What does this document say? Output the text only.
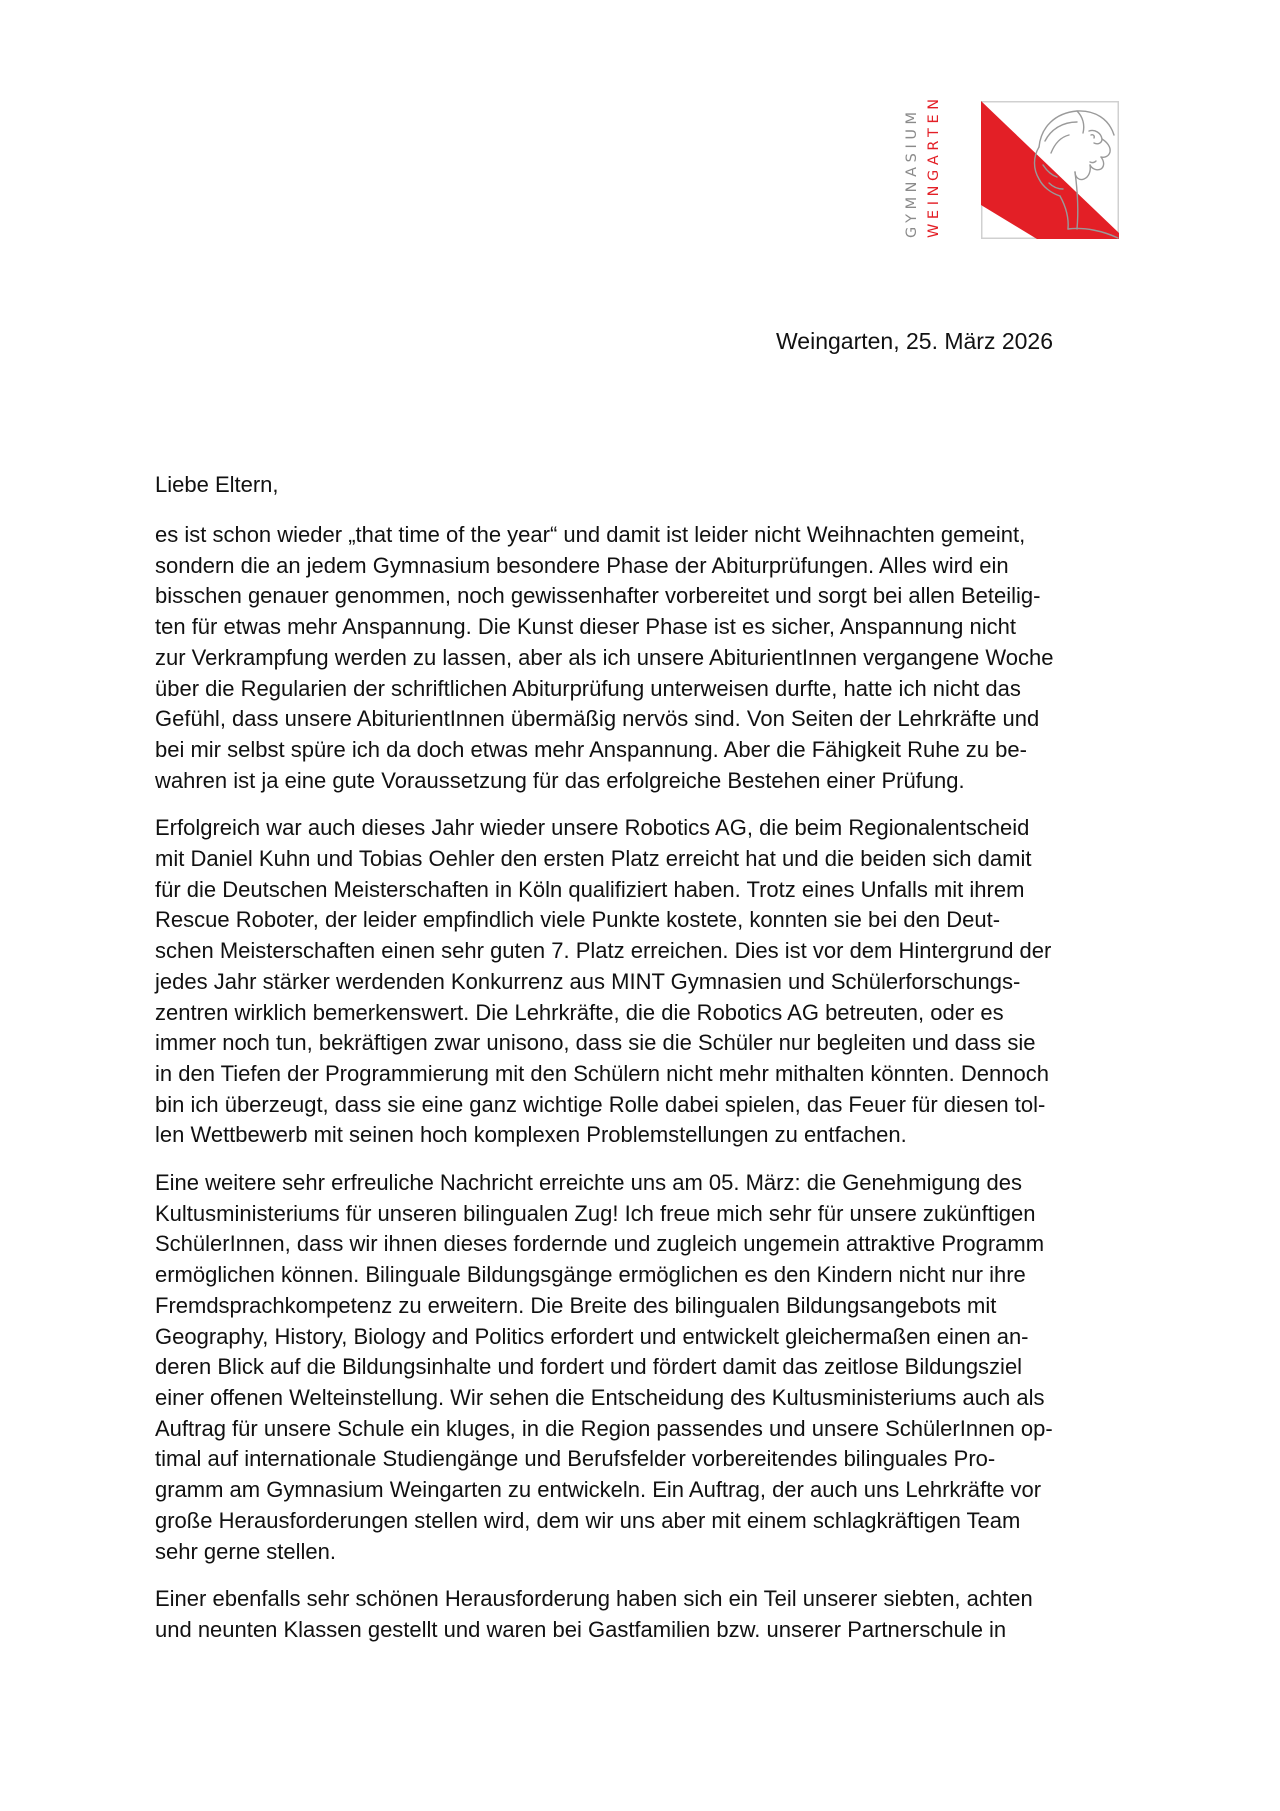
GYMNASIUM WEINGARTEN

Weingarten, 25. März 2026

Liebe Eltern,

es ist schon wieder „that time of the year“ und damit ist leider nicht Weihnachten gemeint,
sondern die an jedem Gymnasium besondere Phase der Abiturprüfungen. Alles wird ein
bisschen genauer genommen, noch gewissenhafter vorbereitet und sorgt bei allen Beteilig-
ten für etwas mehr Anspannung. Die Kunst dieser Phase ist es sicher, Anspannung nicht
zur Verkrampfung werden zu lassen, aber als ich unsere AbiturientInnen vergangene Woche
über die Regularien der schriftlichen Abiturprüfung unterweisen durfte, hatte ich nicht das
Gefühl, dass unsere AbiturientInnen übermäßig nervös sind. Von Seiten der Lehrkräfte und
bei mir selbst spüre ich da doch etwas mehr Anspannung. Aber die Fähigkeit Ruhe zu be-
wahren ist ja eine gute Voraussetzung für das erfolgreiche Bestehen einer Prüfung.

Erfolgreich war auch dieses Jahr wieder unsere Robotics AG, die beim Regionalentscheid
mit Daniel Kuhn und Tobias Oehler den ersten Platz erreicht hat und die beiden sich damit
für die Deutschen Meisterschaften in Köln qualifiziert haben. Trotz eines Unfalls mit ihrem
Rescue Roboter, der leider empfindlich viele Punkte kostete, konnten sie bei den Deut-
schen Meisterschaften einen sehr guten 7. Platz erreichen. Dies ist vor dem Hintergrund der
jedes Jahr stärker werdenden Konkurrenz aus MINT Gymnasien und Schülerforschungs-
zentren wirklich bemerkenswert. Die Lehrkräfte, die die Robotics AG betreuten, oder es
immer noch tun, bekräftigen zwar unisono, dass sie die Schüler nur begleiten und dass sie
in den Tiefen der Programmierung mit den Schülern nicht mehr mithalten könnten. Dennoch
bin ich überzeugt, dass sie eine ganz wichtige Rolle dabei spielen, das Feuer für diesen tol-
len Wettbewerb mit seinen hoch komplexen Problemstellungen zu entfachen.

Eine weitere sehr erfreuliche Nachricht erreichte uns am 05. März: die Genehmigung des
Kultusministeriums für unseren bilingualen Zug! Ich freue mich sehr für unsere zukünftigen
SchülerInnen, dass wir ihnen dieses fordernde und zugleich ungemein attraktive Programm
ermöglichen können. Bilinguale Bildungsgänge ermöglichen es den Kindern nicht nur ihre
Fremdsprachkompetenz zu erweitern. Die Breite des bilingualen Bildungsangebots mit
Geography, History, Biology and Politics erfordert und entwickelt gleichermaßen einen an-
deren Blick auf die Bildungsinhalte und fordert und fördert damit das zeitlose Bildungsziel
einer offenen Welteinstellung. Wir sehen die Entscheidung des Kultusministeriums auch als
Auftrag für unsere Schule ein kluges, in die Region passendes und unsere SchülerInnen op-
timal auf internationale Studiengänge und Berufsfelder vorbereitendes bilinguales Pro-
gramm am Gymnasium Weingarten zu entwickeln. Ein Auftrag, der auch uns Lehrkräfte vor
große Herausforderungen stellen wird, dem wir uns aber mit einem schlagkräftigen Team
sehr gerne stellen.

Einer ebenfalls sehr schönen Herausforderung haben sich ein Teil unserer siebten, achten
und neunten Klassen gestellt und waren bei Gastfamilien bzw. unserer Partnerschule in
